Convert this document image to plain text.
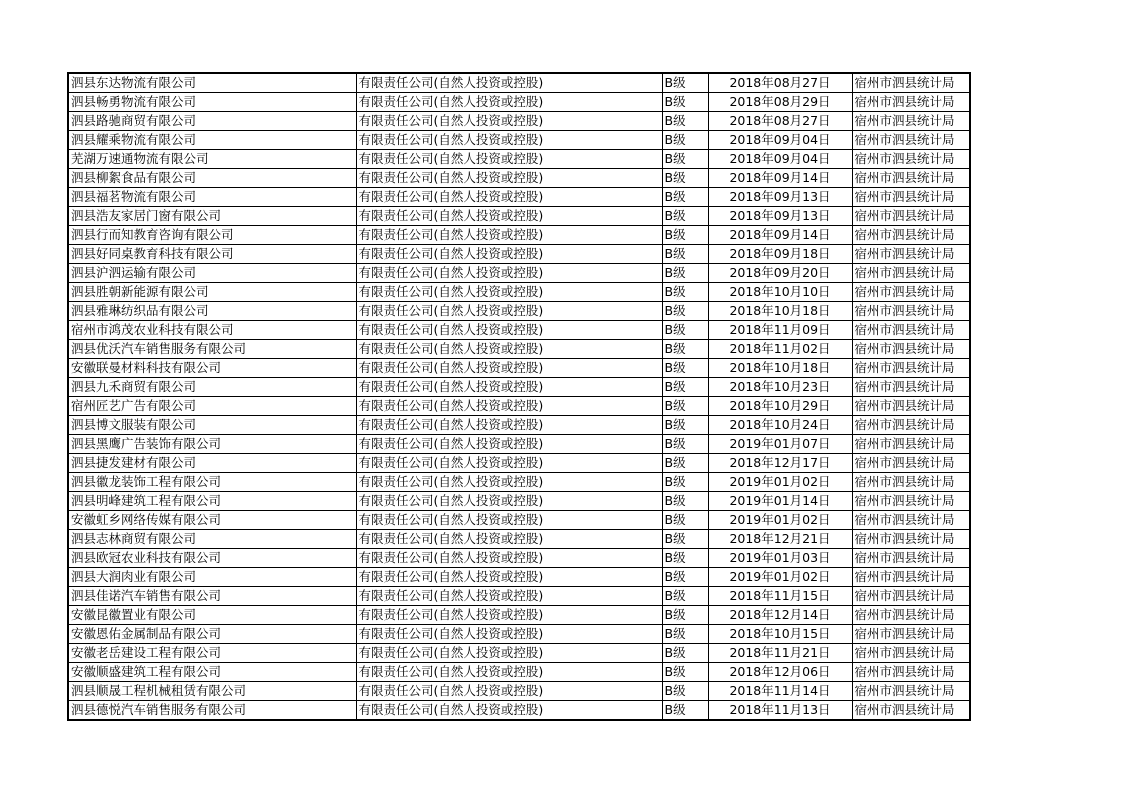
泗县东达物流有限公司	有限责任公司(自然人投资或控股)	B级	2018年08月27日	宿州市泗县统计局
泗县畅勇物流有限公司	有限责任公司(自然人投资或控股)	B级	2018年08月29日	宿州市泗县统计局
泗县路驰商贸有限公司	有限责任公司(自然人投资或控股)	B级	2018年08月27日	宿州市泗县统计局
泗县耀乘物流有限公司	有限责任公司(自然人投资或控股)	B级	2018年09月04日	宿州市泗县统计局
芜湖万速通物流有限公司	有限责任公司(自然人投资或控股)	B级	2018年09月04日	宿州市泗县统计局
泗县柳絮食品有限公司	有限责任公司(自然人投资或控股)	B级	2018年09月14日	宿州市泗县统计局
泗县福茗物流有限公司	有限责任公司(自然人投资或控股)	B级	2018年09月13日	宿州市泗县统计局
泗县浩友家居门窗有限公司	有限责任公司(自然人投资或控股)	B级	2018年09月13日	宿州市泗县统计局
泗县行而知教育咨询有限公司	有限责任公司(自然人投资或控股)	B级	2018年09月14日	宿州市泗县统计局
泗县好同桌教育科技有限公司	有限责任公司(自然人投资或控股)	B级	2018年09月18日	宿州市泗县统计局
泗县沪泗运输有限公司	有限责任公司(自然人投资或控股)	B级	2018年09月20日	宿州市泗县统计局
泗县胜朝新能源有限公司	有限责任公司(自然人投资或控股)	B级	2018年10月10日	宿州市泗县统计局
泗县雅琳纺织品有限公司	有限责任公司(自然人投资或控股)	B级	2018年10月18日	宿州市泗县统计局
宿州市鸿茂农业科技有限公司	有限责任公司(自然人投资或控股)	B级	2018年11月09日	宿州市泗县统计局
泗县优沃汽车销售服务有限公司	有限责任公司(自然人投资或控股)	B级	2018年11月02日	宿州市泗县统计局
安徽联曼材料科技有限公司	有限责任公司(自然人投资或控股)	B级	2018年10月18日	宿州市泗县统计局
泗县九禾商贸有限公司	有限责任公司(自然人投资或控股)	B级	2018年10月23日	宿州市泗县统计局
宿州匠艺广告有限公司	有限责任公司(自然人投资或控股)	B级	2018年10月29日	宿州市泗县统计局
泗县博文服装有限公司	有限责任公司(自然人投资或控股)	B级	2018年10月24日	宿州市泗县统计局
泗县黑鹰广告装饰有限公司	有限责任公司(自然人投资或控股)	B级	2019年01月07日	宿州市泗县统计局
泗县捷发建材有限公司	有限责任公司(自然人投资或控股)	B级	2018年12月17日	宿州市泗县统计局
泗县徽龙装饰工程有限公司	有限责任公司(自然人投资或控股)	B级	2019年01月02日	宿州市泗县统计局
泗县明峰建筑工程有限公司	有限责任公司(自然人投资或控股)	B级	2019年01月14日	宿州市泗县统计局
安徽虹乡网络传媒有限公司	有限责任公司(自然人投资或控股)	B级	2019年01月02日	宿州市泗县统计局
泗县志林商贸有限公司	有限责任公司(自然人投资或控股)	B级	2018年12月21日	宿州市泗县统计局
泗县欧冠农业科技有限公司	有限责任公司(自然人投资或控股)	B级	2019年01月03日	宿州市泗县统计局
泗县大润肉业有限公司	有限责任公司(自然人投资或控股)	B级	2019年01月02日	宿州市泗县统计局
泗县佳诺汽车销售有限公司	有限责任公司(自然人投资或控股)	B级	2018年11月15日	宿州市泗县统计局
安徽昆徽置业有限公司	有限责任公司(自然人投资或控股)	B级	2018年12月14日	宿州市泗县统计局
安徽恩佑金属制品有限公司	有限责任公司(自然人投资或控股)	B级	2018年10月15日	宿州市泗县统计局
安徽老岳建设工程有限公司	有限责任公司(自然人投资或控股)	B级	2018年11月21日	宿州市泗县统计局
安徽顺盛建筑工程有限公司	有限责任公司(自然人投资或控股)	B级	2018年12月06日	宿州市泗县统计局
泗县顺晟工程机械租赁有限公司	有限责任公司(自然人投资或控股)	B级	2018年11月14日	宿州市泗县统计局
泗县德悦汽车销售服务有限公司	有限责任公司(自然人投资或控股)	B级	2018年11月13日	宿州市泗县统计局
